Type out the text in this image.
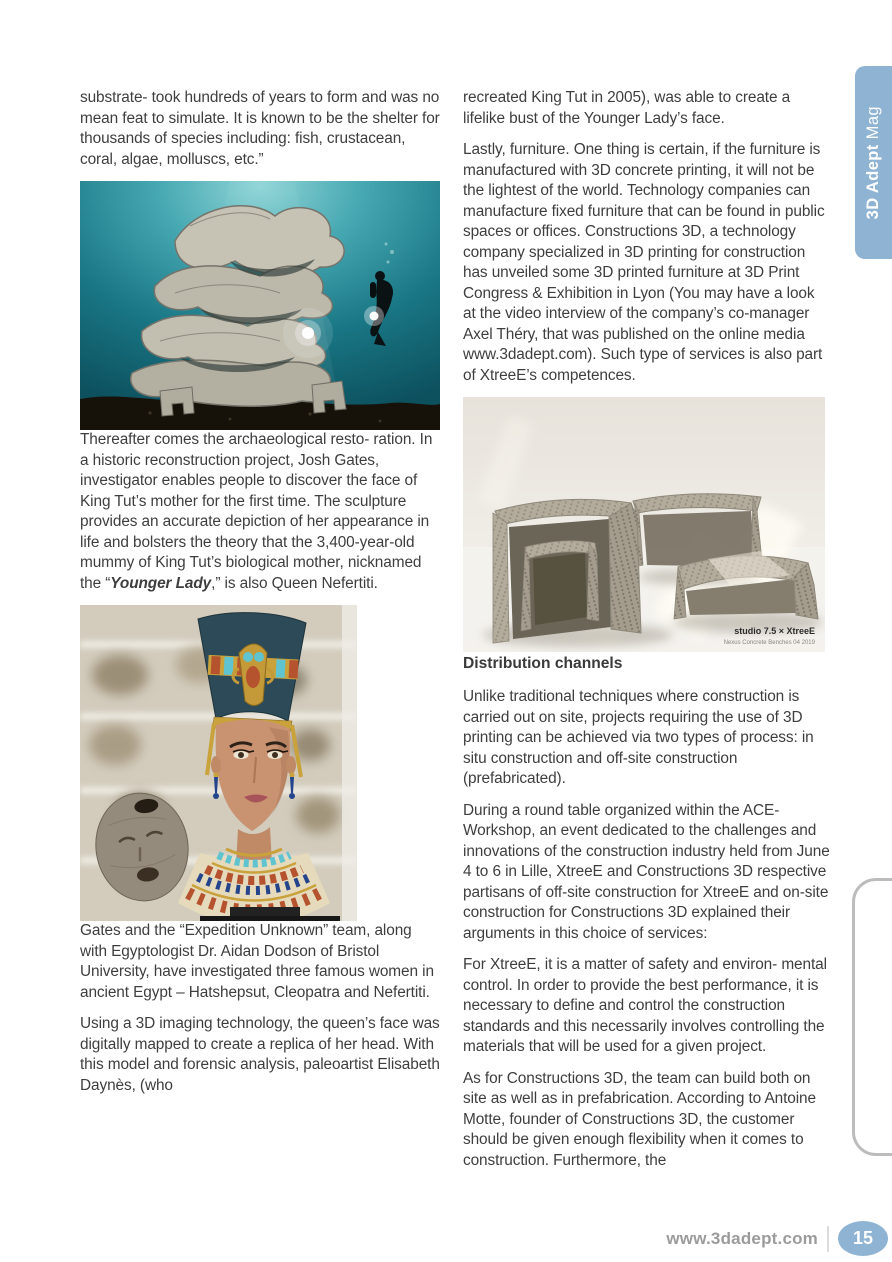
substrate- took hundreds of years to form and was no mean feat to simulate. It is known to be the shelter for thousands of species including: fish, crustacean, coral, algae, molluscs, etc.”

Thereafter comes the archaeological resto- ration. In a historic reconstruction project, Josh Gates, investigator enables people to discover the face of King Tut’s mother for the first time. The sculpture provides an accurate depiction of her appearance in life and bolsters the theory that the 3,400-year-old mummy of King Tut’s biological mother, nicknamed the “Younger Lady,” is also Queen Nefertiti.

Gates and the “Expedition Unknown” team, along with Egyptologist Dr. Aidan Dodson of Bristol University, have investigated three famous women in ancient Egypt – Hatshepsut, Cleopatra and Nefertiti.

Using a 3D imaging technology, the queen’s face was digitally mapped to create a replica of her head. With this model and forensic analysis, paleoartist Elisabeth Daynès, (who

recreated King Tut in 2005), was able to create a lifelike bust of the Younger Lady’s face.

Lastly, furniture. One thing is certain, if the furniture is manufactured with 3D concrete printing, it will not be the lightest of the world. Technology companies can manufacture fixed furniture that can be found in public spaces or offices. Constructions 3D, a technology company specialized in 3D printing for construction has unveiled some 3D printed furniture at 3D Print Congress & Exhibition in Lyon (You may have a look at the video interview of the company’s co-manager Axel Théry, that was published on the online media www.3dadept.com). Such type of services is also part of XtreeE’s competences.

studio 7.5 × XtreeE
Nexus Concrete Benches 04 2019
Distribution channels

Unlike traditional techniques where construction is carried out on site, projects requiring the use of 3D printing can be achieved via two types of process: in situ construction and off-site construction (prefabricated).

During a round table organized within the ACE-Workshop, an event dedicated to the challenges and innovations of the construction industry held from June 4 to 6 in Lille, XtreeE and Constructions 3D respective partisans of off-site construction for XtreeE and on-site construction for Constructions 3D explained their arguments in this choice of services:

For XtreeE, it is a matter of safety and environ- mental control. In order to provide the best performance, it is necessary to define and control the construction standards and this necessarily involves controlling the materials that will be used for a given project.

As for Constructions 3D, the team can build both on site as well as in prefabrication. According to Antoine Motte, founder of Constructions 3D, the customer should be given enough flexibility when it comes to construction. Furthermore, the

3D AdeptMag
www.3dadept.com	15
